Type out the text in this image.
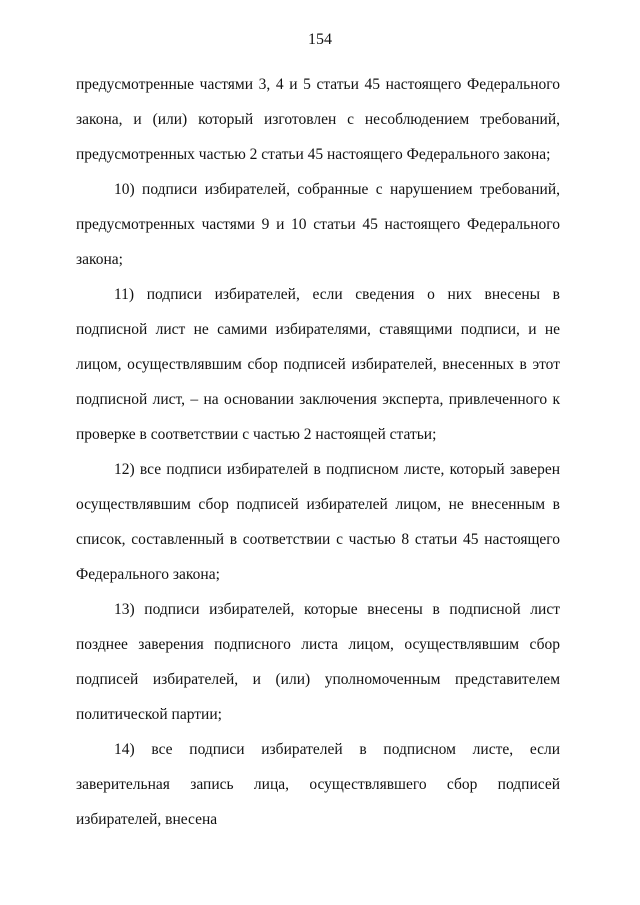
154

предусмотренные частями 3, 4 и 5 статьи 45 настоящего Федерального закона, и (или) который изготовлен с несоблюдением требований, предусмотренных частью 2 статьи 45 настоящего Федерального закона;

10) подписи избирателей, собранные с нарушением требований, предусмотренных частями 9 и 10 статьи 45 настоящего Федерального закона;

11) подписи избирателей, если сведения о них внесены в подписной лист не самими избирателями, ставящими подписи, и не лицом, осуществлявшим сбор подписей избирателей, внесенных в этот подписной лист, – на основании заключения эксперта, привлеченного к проверке в соответствии с частью 2 настоящей статьи;

12) все подписи избирателей в подписном листе, который заверен осуществлявшим сбор подписей избирателей лицом, не внесенным в список, составленный в соответствии с частью 8 статьи 45 настоящего Федерального закона;

13) подписи избирателей, которые внесены в подписной лист позднее заверения подписного листа лицом, осуществлявшим сбор подписей избирателей, и (или) уполномоченным представителем политической партии;

14) все подписи избирателей в подписном листе, если заверительная запись лица, осуществлявшего сбор подписей избирателей, внесена
